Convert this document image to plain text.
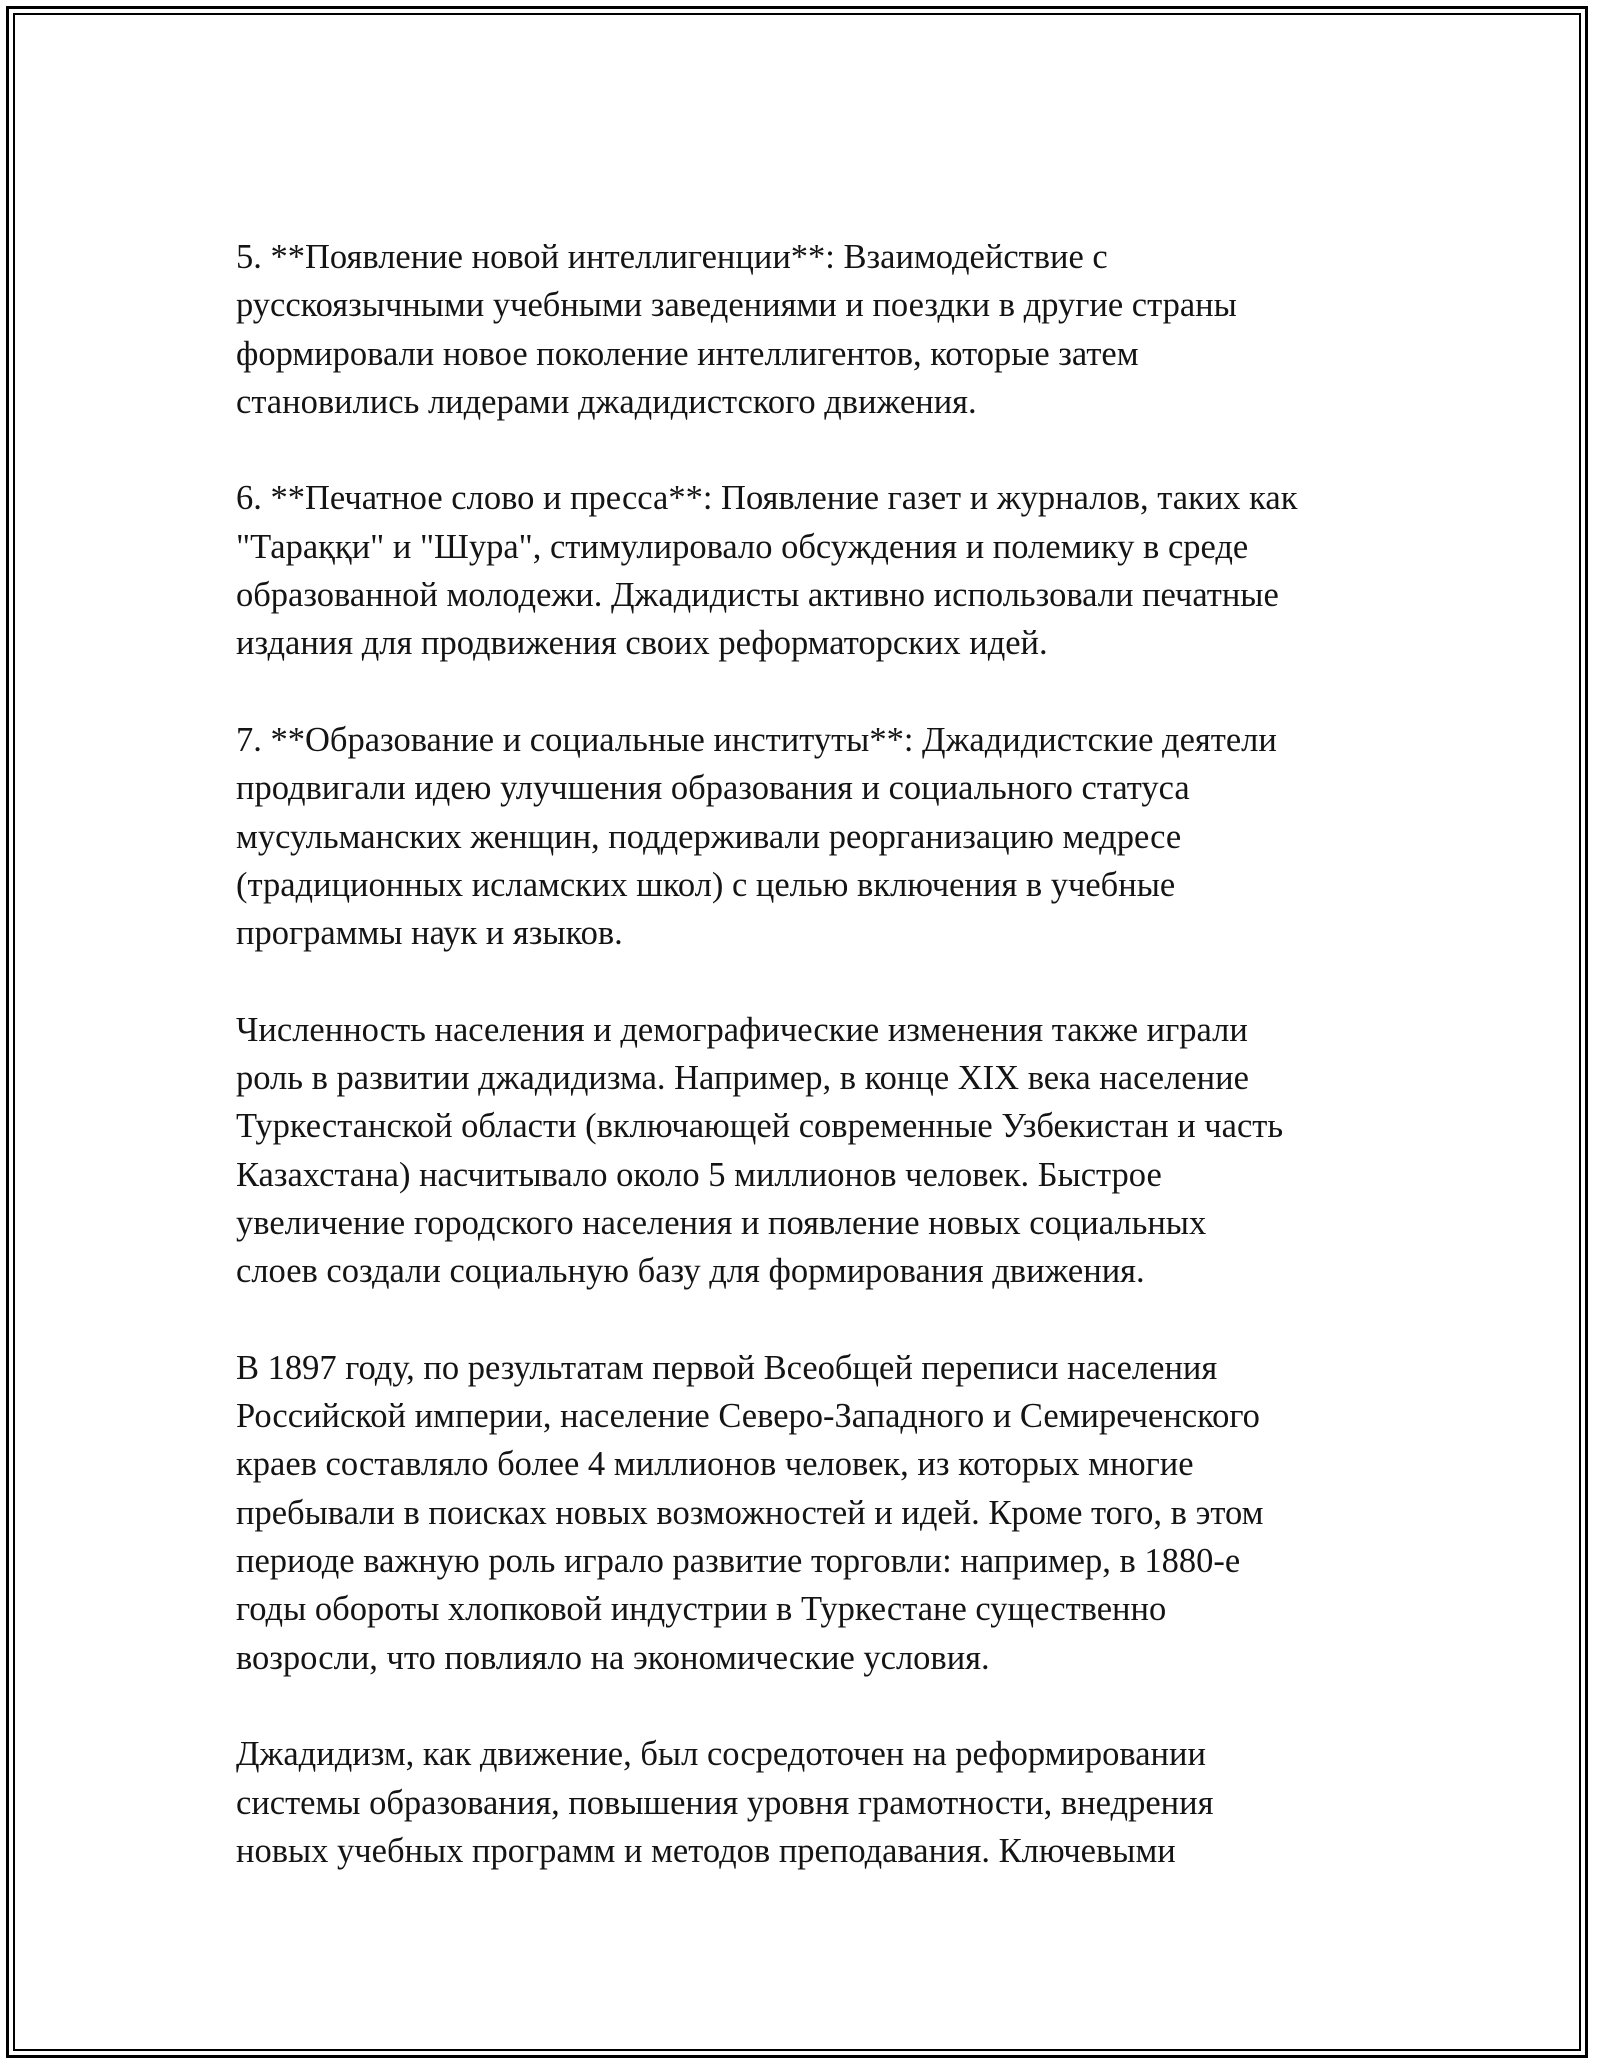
5. **Появление новой интеллигенции**: Взаимодействие с
русскоязычными учебными заведениями и поездки в другие страны
формировали новое поколение интеллигентов, которые затем
становились лидерами джадидистского движения.

6. **Печатное слово и пресса**: Появление газет и журналов, таких как
"Тараққи" и "Шура", стимулировало обсуждения и полемику в среде
образованной молодежи. Джадидисты активно использовали печатные
издания для продвижения своих реформаторских идей.

7. **Образование и социальные институты**: Джадидистские деятели
продвигали идею улучшения образования и социального статуса
мусульманских женщин, поддерживали реорганизацию медресе
(традиционных исламских школ) с целью включения в учебные
программы наук и языков.

Численность населения и демографические изменения также играли
роль в развитии джадидизма. Например, в конце XIX века население
Туркестанской области (включающей современные Узбекистан и часть
Казахстана) насчитывало около 5 миллионов человек. Быстрое
увеличение городского населения и появление новых социальных
слоев создали социальную базу для формирования движения.

В 1897 году, по результатам первой Всеобщей переписи населения
Российской империи, население Северо-Западного и Семиреченского
краев составляло более 4 миллионов человек, из которых многие
пребывали в поисках новых возможностей и идей. Кроме того, в этом
периоде важную роль играло развитие торговли: например, в 1880-е
годы обороты хлопковой индустрии в Туркестане существенно
возросли, что повлияло на экономические условия.

Джадидизм, как движение, был сосредоточен на реформировании
системы образования, повышения уровня грамотности, внедрения
новых учебных программ и методов преподавания. Ключевыми
